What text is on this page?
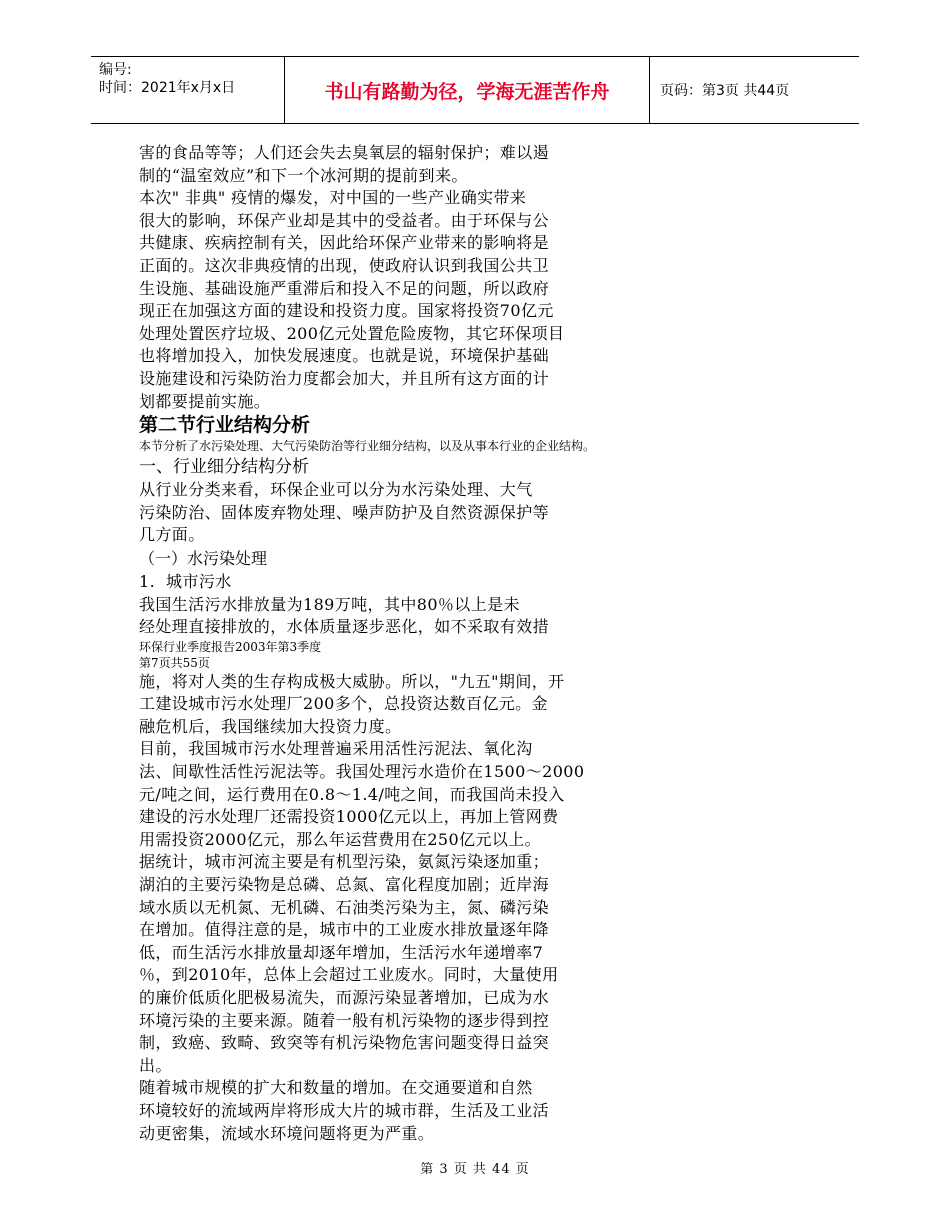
编号:
时间：2021年x月x日	书山有路勤为径，学海无涯苦作舟	页码：第3页 共44页
害的食品等等；人们还会失去臭氧层的辐射保护；难以遏
制的“温室效应”和下一个冰河期的提前到来。
本次" 非典" 疫情的爆发，对中国的一些产业确实带来
很大的影响，环保产业却是其中的受益者。由于环保与公
共健康、疾病控制有关，因此给环保产业带来的影响将是
正面的。这次非典疫情的出现，使政府认识到我国公共卫
生设施、基础设施严重滞后和投入不足的问题，所以政府
现正在加强这方面的建设和投资力度。国家将投资70亿元
处理处置医疗垃圾、200亿元处置危险废物，其它环保项目
也将增加投入，加快发展速度。也就是说，环境保护基础
设施建设和污染防治力度都会加大，并且所有这方面的计
划都要提前实施。
第二节行业结构分析
本节分析了水污染处理、大气污染防治等行业细分结构，以及从事本行业的企业结构。
一、行业细分结构分析
从行业分类来看，环保企业可以分为水污染处理、大气
污染防治、固体废弃物处理、噪声防护及自然资源保护等
几方面。
（一）水污染处理
1.  城市污水
我国生活污水排放量为189万吨，其中80％以上是未
经处理直接排放的，水体质量逐步恶化，如不采取有效措
环保行业季度报告2003年第3季度
第7页共55页
施，将对人类的生存构成极大威胁。所以，"九五"期间，开
工建设城市污水处理厂200多个，总投资达数百亿元。金
融危机后，我国继续加大投资力度。
目前，我国城市污水处理普遍采用活性污泥法、氧化沟
法、间歇性活性污泥法等。我国处理污水造价在1500～2000
元/吨之间，运行费用在0.8～1.4/吨之间，而我国尚未投入
建设的污水处理厂还需投资1000亿元以上，再加上管网费
用需投资2000亿元，那么年运营费用在250亿元以上。
据统计，城市河流主要是有机型污染，氨氮污染逐加重；
湖泊的主要污染物是总磷、总氮、富化程度加剧；近岸海
域水质以无机氮、无机磷、石油类污染为主，氮、磷污染
在增加。值得注意的是，城市中的工业废水排放量逐年降
低，而生活污水排放量却逐年增加，生活污水年递增率7
％，到2010年，总体上会超过工业废水。同时，大量使用
的廉价低质化肥极易流失，而源污染显著增加，已成为水
环境污染的主要来源。随着一般有机污染物的逐步得到控
制，致癌、致畸、致突等有机污染物危害问题变得日益突
出。
随着城市规模的扩大和数量的增加。在交通要道和自然
环境较好的流域两岸将形成大片的城市群，生活及工业活
动更密集，流域水环境问题将更为严重。
第 3 页 共 44 页
